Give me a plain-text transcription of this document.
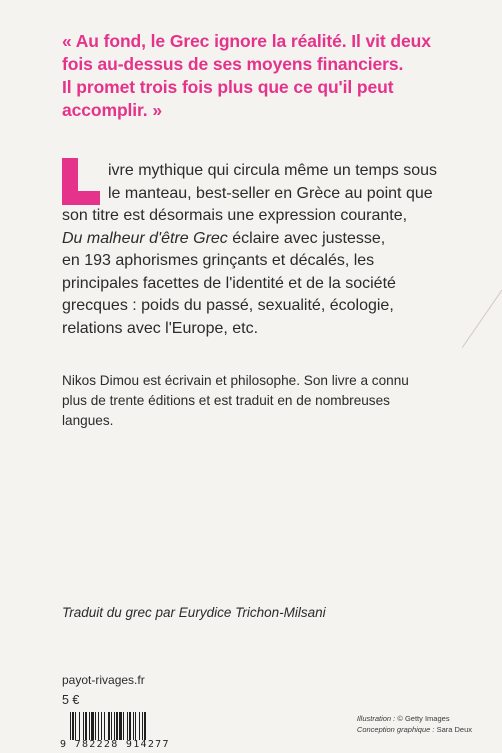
« Au fond, le Grec ignore la réalité. Il vit deux
fois au-dessus de ses moyens financiers.
Il promet trois fois plus que ce qu'il peut
accomplir. »
ivre mythique qui circula même un temps sous
le manteau, best-seller en Grèce au point que
son titre est désormais une expression courante,
Du malheur d'être Grec éclaire avec justesse,
en 193 aphorismes grinçants et décalés, les
principales facettes de l'identité et de la société
grecques : poids du passé, sexualité, écologie,
relations avec l'Europe, etc.
Nikos Dimou est écrivain et philosophe. Son livre a connu
plus de trente éditions et est traduit en de nombreuses
langues.
Traduit du grec par Eurydice Trichon-Milsani
payot-rivages.fr
5 €
9 782228 914277
Illustration : © Getty Images
Conception graphique : Sara Deux
